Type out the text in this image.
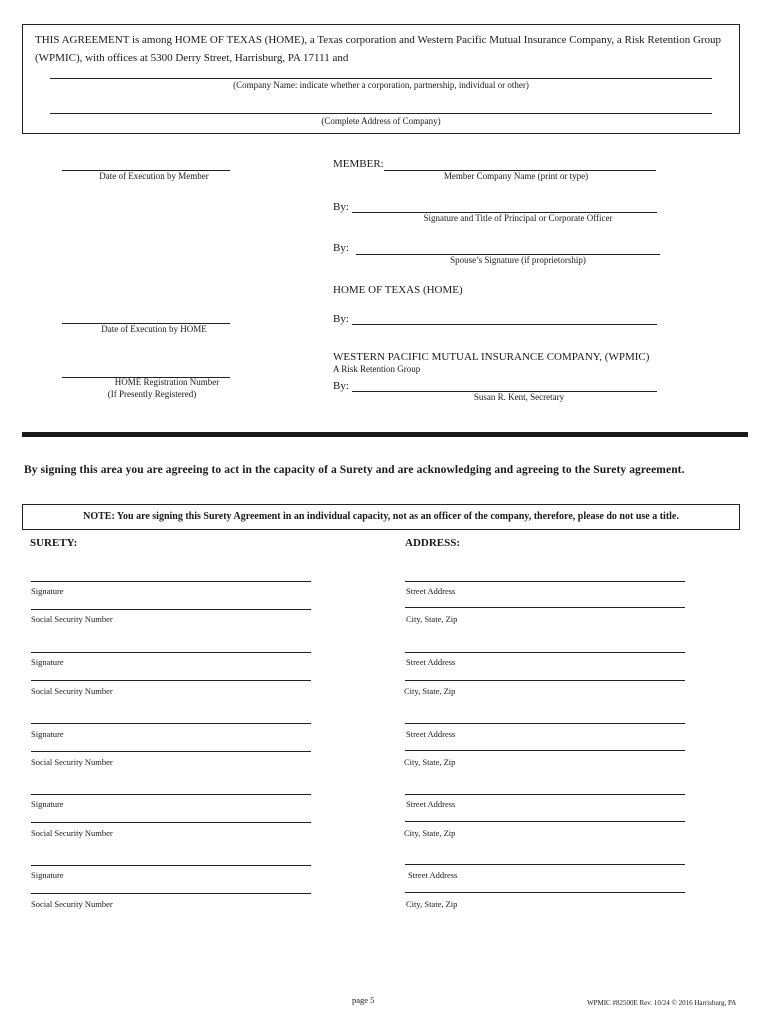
THIS AGREEMENT is among HOME OF TEXAS (HOME), a Texas corporation and Western Pacific Mutual Insurance Company, a Risk Retention Group (WPMIC), with offices at 5300 Derry Street, Harrisburg, PA 17111 and
(Company Name: indicate whether a corporation, partnership, individual or other)
(Complete Address of Company)
Date of Execution by Member
MEMBER:
Member Company Name (print or type)
By:
Signature and Title of Principal or Corporate Officer
By:
Spouse’s Signature (if proprietorship)
HOME OF TEXAS (HOME)
By:
Date of Execution by HOME
WESTERN PACIFIC MUTUAL INSURANCE COMPANY, (WPMIC)
A Risk Retention Group
By:
Susan R. Kent, Secretary
HOME Registration Number
(If Presently Registered)
By signing this area you are agreeing to act in the capacity of a Surety and are acknowledging and agreeing to the Surety agreement.
NOTE: You are signing this Surety Agreement in an individual capacity, not as an officer of the company, therefore, please do not use a title.
SURETY:	ADDRESS:
Signature
Social Security Number
Street Address
City, State, Zip
Signature
Social Security Number
Street Address
City, State, Zip
Signature
Social Security Number
Street Address
City, State, Zip
Signature
Social Security Number
Street Address
City, State, Zip
Signature
Social Security Number
Street Address
City, State, Zip
page 5	WPMIC #82500E Rev. 10/24 © 2016 Harrisburg, PA
